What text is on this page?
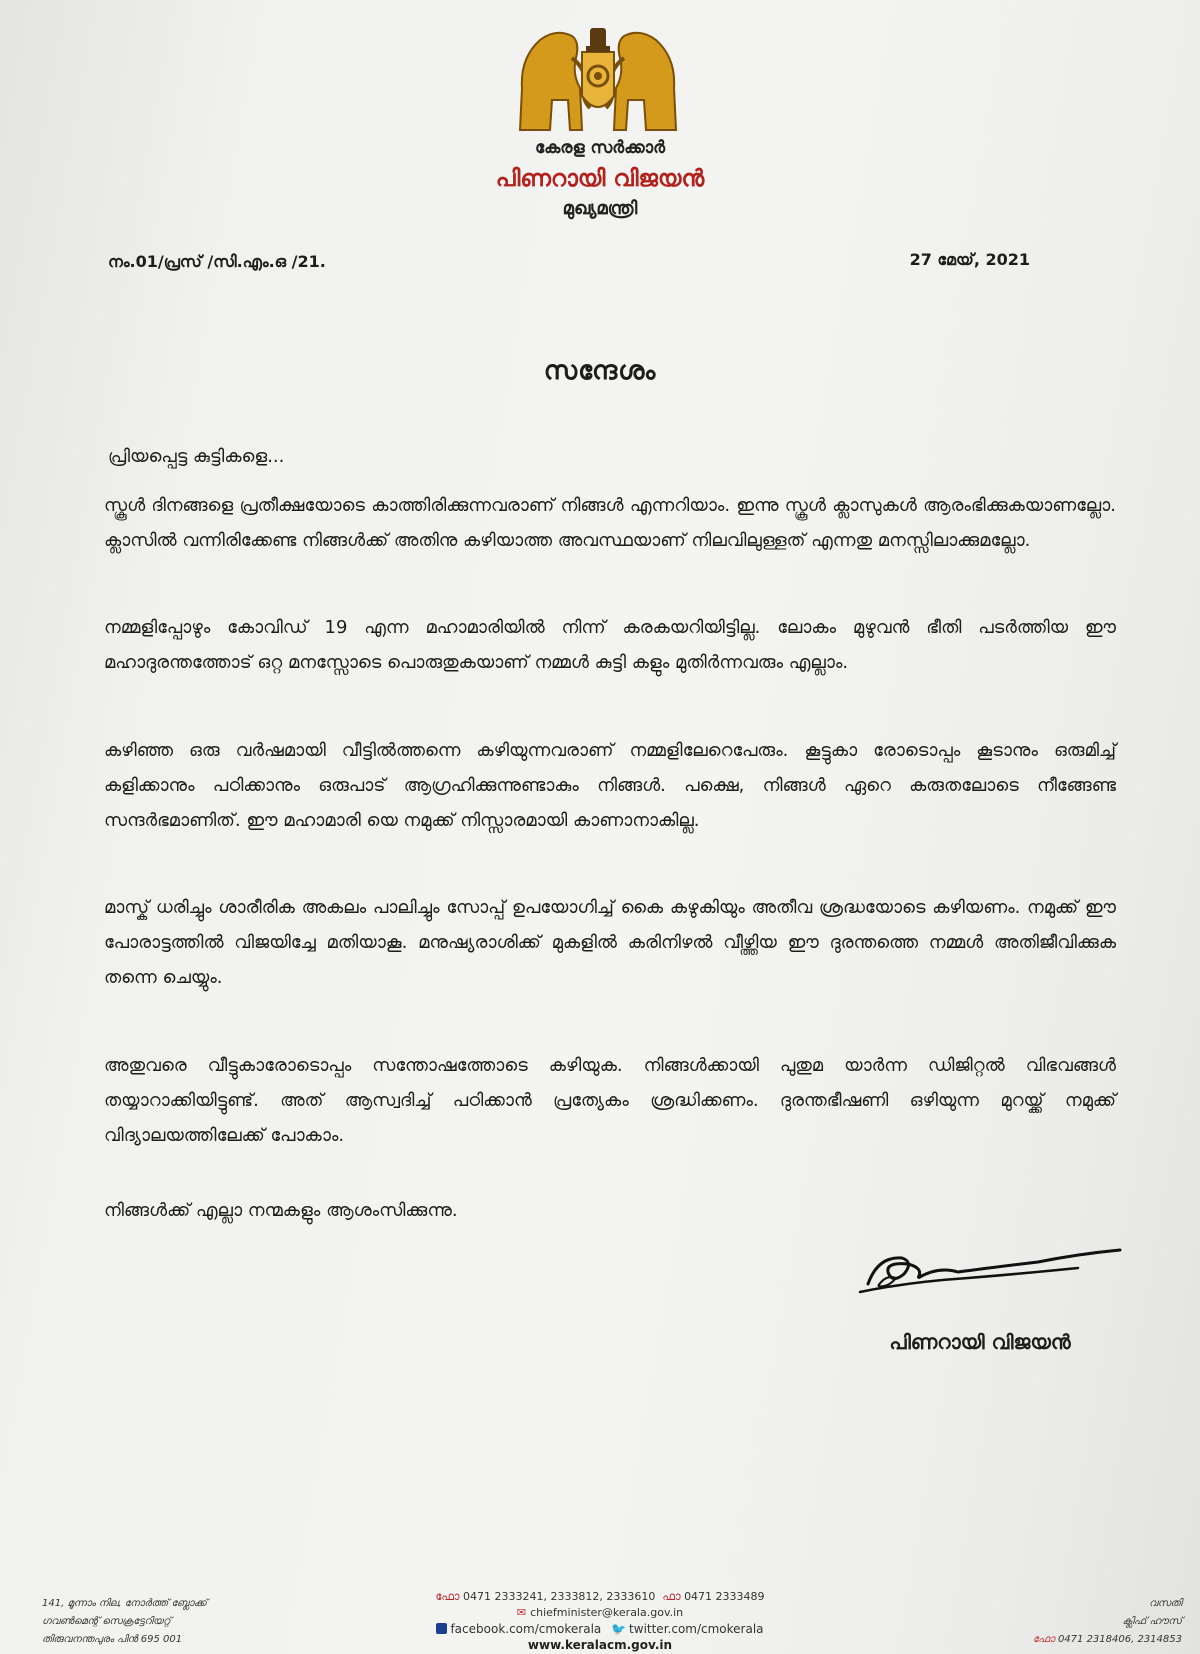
കേരള സർക്കാർ
പിണറായി വിജയൻ
മുഖ്യമന്ത്രി
നം.01/പ്രസ് /സി.എം.ഒ /21.	27 മേയ്, 2021
സന്ദേശം
പ്രിയപ്പെട്ട കുട്ടികളെ...

സ്കൂൾ ദിനങ്ങളെ പ്രതീക്ഷയോടെ കാത്തിരിക്കുന്നവരാണ് നിങ്ങൾ എന്നറിയാം. ഇന്നു സ്കൂൾ ക്ലാസുകൾ ആരംഭിക്കുകയാണല്ലോ. ക്ലാസിൽ വന്നിരിക്കേണ്ട നിങ്ങൾക്ക് അതിനു കഴിയാത്ത അവസ്ഥയാണ് നിലവിലുള്ളത് എന്നതു മനസ്സിലാക്കുമല്ലോ.

നമ്മളിപ്പോഴും കോവിഡ് 19 എന്ന മഹാമാരിയിൽ നിന്ന് കരകയറിയിട്ടില്ല. ലോകം മുഴുവൻ ഭീതി പടർത്തിയ ഈ മഹാദുരന്തത്തോട് ഒറ്റ മനസ്സോടെ പൊരുതുകയാണ് നമ്മൾ കുട്ടി കളും മുതിർന്നവരും എല്ലാം.

കഴിഞ്ഞ ഒരു വർഷമായി വീട്ടിൽത്തന്നെ കഴിയുന്നവരാണ് നമ്മളിലേറെപേരും. കൂട്ടുകാ രോടൊപ്പം കൂടാനും ഒരുമിച്ച് കളിക്കാനും പഠിക്കാനും ഒരുപാട് ആഗ്രഹിക്കുന്നുണ്ടാകും നിങ്ങൾ. പക്ഷെ, നിങ്ങൾ ഏറെ കരുതലോടെ നീങ്ങേണ്ട സന്ദർഭമാണിത്. ഈ മഹാമാരി യെ നമുക്ക് നിസ്സാരമായി കാണാനാകില്ല.

മാസ്ക് ധരിച്ചും ശാരീരിക അകലം പാലിച്ചും സോപ്പ് ഉപയോഗിച്ച് കൈ കഴുകിയും അതീവ ശ്രദ്ധയോടെ കഴിയണം. നമുക്ക് ഈ പോരാട്ടത്തിൽ വിജയിച്ചേ മതിയാകൂ. മനുഷ്യരാശിക്ക് മുകളിൽ കരിനിഴൽ വീഴ്ത്തിയ ഈ ദുരന്തത്തെ നമ്മൾ അതിജീവിക്കുക തന്നെ ചെയ്യും.

അതുവരെ വീട്ടുകാരോടൊപ്പം സന്തോഷത്തോടെ കഴിയുക. നിങ്ങൾക്കായി പുതുമ യാർന്ന ഡിജിറ്റൽ വിഭവങ്ങൾ തയ്യാറാക്കിയിട്ടുണ്ട്. അത് ആസ്വദിച്ച് പഠിക്കാൻ പ്രത്യേകം ശ്രദ്ധിക്കണം. ദുരന്തഭീഷണി ഒഴിയുന്ന മുറയ്ക്ക് നമുക്ക് വിദ്യാലയത്തിലേക്ക് പോകാം.

നിങ്ങൾക്ക് എല്ലാ നന്മകളും ആശംസിക്കുന്നു.
പിണറായി വിജയൻ
141, മൂന്നാം നില, നോർത്ത് ബ്ലോക്ക്
ഗവൺമെന്റ് സെക്രട്ടേറിയറ്റ്
തിരുവനന്തപുരം പിൻ 695 001
ഫോ 0471 2333241, 2333812, 2333610 ഫാ 0471 2333489
✉ chiefminister@kerala.gov.in
facebook.com/cmokerala 🐦 twitter.com/cmokerala
വസതി
ക്ലിഫ് ഹൗസ്
ഫോ 0471 2318406, 2314853
www.keralacm.gov.in
